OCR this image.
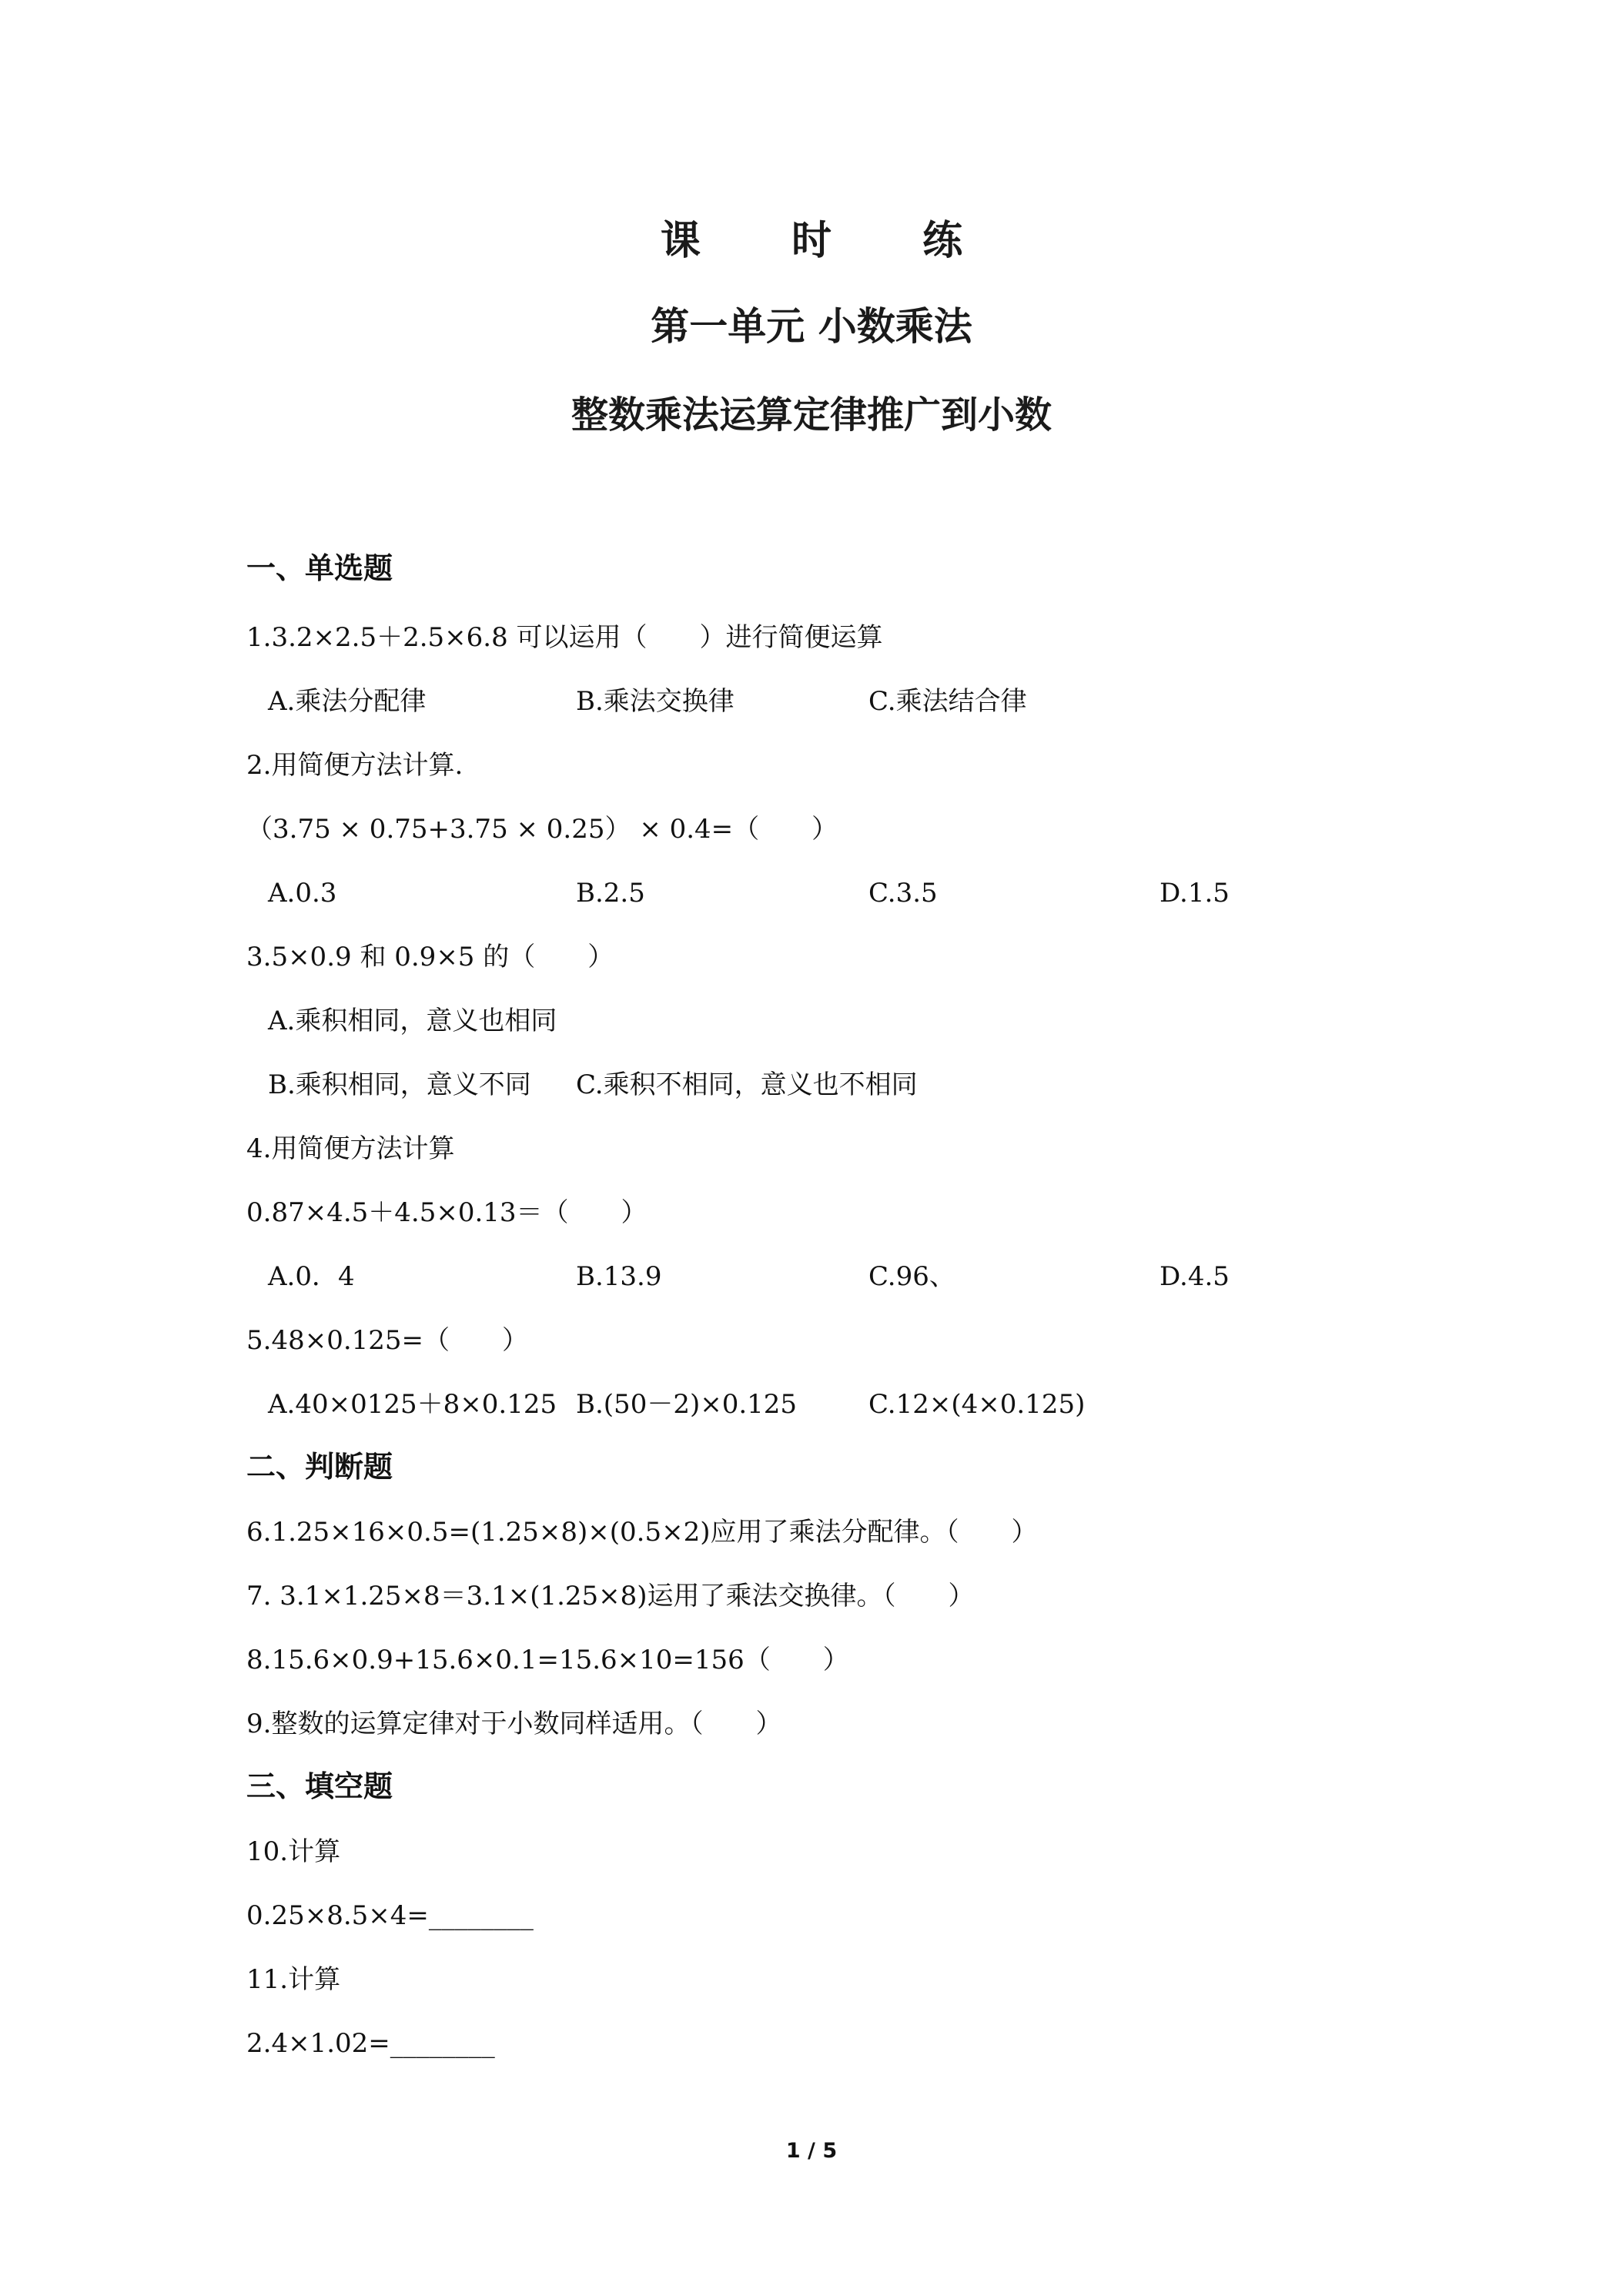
课 时 练
第一单元 小数乘法
整数乘法运算定律推广到小数
一、单选题
1.3.2×2.5＋2.5×6.8 可以运用（　　）进行简便运算
A.乘法分配律	B.乘法交换律	C.乘法结合律
2.用简便方法计算.
（3.75 × 0.75+3.75 × 0.25） × 0.4=（　　）
A.0.3	B.2.5	C.3.5	D.1.5
3.5×0.9 和 0.9×5 的（　　）
A.乘积相同，意义也相同
B.乘积相同，意义不同 C.乘积不相同，意义也不相同
4.用简便方法计算
0.87×4.5＋4.5×0.13＝（　　）
A.0．4	B.13.9	C.96、	D.4.5
5.48×0.125=（　　）
A.40×0125＋8×0.125 B.(50－2)×0.125	C.12×(4×0.125)
二、判断题
6.1.25×16×0.5=(1.25×8)×(0.5×2)应用了乘法分配律。（　　）
7. 3.1×1.25×8＝3.1×(1.25×8)运用了乘法交换律。（　　）
8.15.6×0.9+15.6×0.1=15.6×10=156（　　）
9.整数的运算定律对于小数同样适用。（　　）
三、填空题
10.计算
0.25×8.5×4=________
11.计算
2.4×1.02=________
1 / 5
